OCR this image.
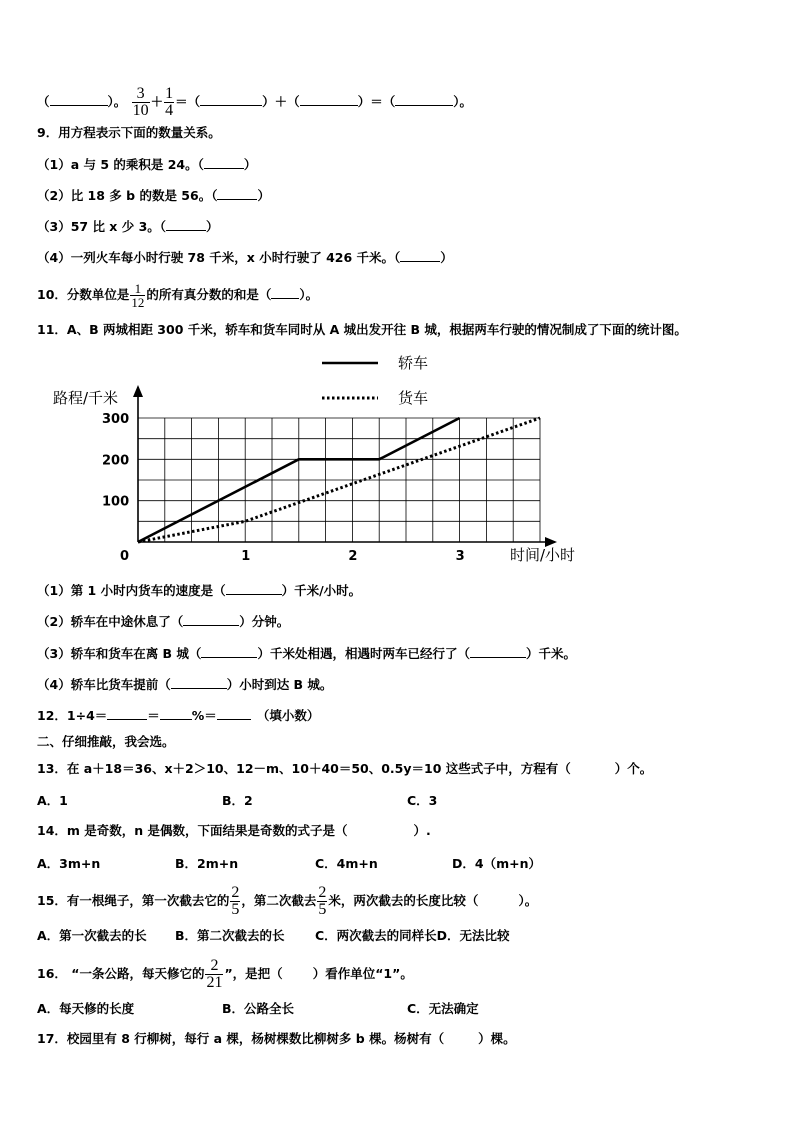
（	）。 $\frac{3}{10} + \frac{1}{4}$ ＝（	）＋（	）＝（	）。
9．用方程表示下面的数量关系。
（1）a 与 5 的乘积是 24。（	）
（2）比 18 多 b 的数是 56。（	）
（3）57 比 x 少 3。（	）
（4）一列火车每小时行驶 78 千米，x 小时行驶了 426 千米。（	）
10．分数单位是 $\frac{1}{12}$ 的所有真分数的和是（ ）。
11．A、B 两城相距 300 千米，轿车和货车同时从 A 城出发开往 B 城，根据两车行驶的情况制成了下面的统计图。
轿车
货车
0	1	2	3
100
200
300
路程/千米
时间/小时
（1）第 1 小时内货车的速度是（	）千米/小时。
（2）轿车在中途休息了（	）分钟。
（3）轿车和货车在离 B 城（	）千米处相遇，相遇时两车已经行了（	）千米。
（4）轿车比货车提前（	）小时到达 B 城。
12．1÷4＝	＝	%＝	（填小数）
二、仔细推敲，我会选。
13．在 a＋18＝36、x＋2＞10、12－m、10＋40＝50、0.5y＝10 这些式子中，方程有（	）个。
A．1	B．2	C．3
14．m 是奇数，n 是偶数，下面结果是奇数的式子是（	）.
A．3m+n	B．2m+n	C．4m+n	D．4（m+n）
15．有一根绳子，第一次截去它的 $\frac{2}{5}$ ，第二次截去 $\frac{2}{5}$ 米，两次截去的长度比较（	）。
A．第一次截去的长 B．第二次截去的长 C．两次截去的同样长D．无法比较
16． “一条公路，每天修它的 $\frac{2}{21}$ ”，是把（ ）看作单位“1”。
A．每天修的长度	B．公路全长	C．无法确定
17．校园里有 8 行柳树，每行 a 棵，杨树棵数比柳树多 b 棵。杨树有（	）棵。
